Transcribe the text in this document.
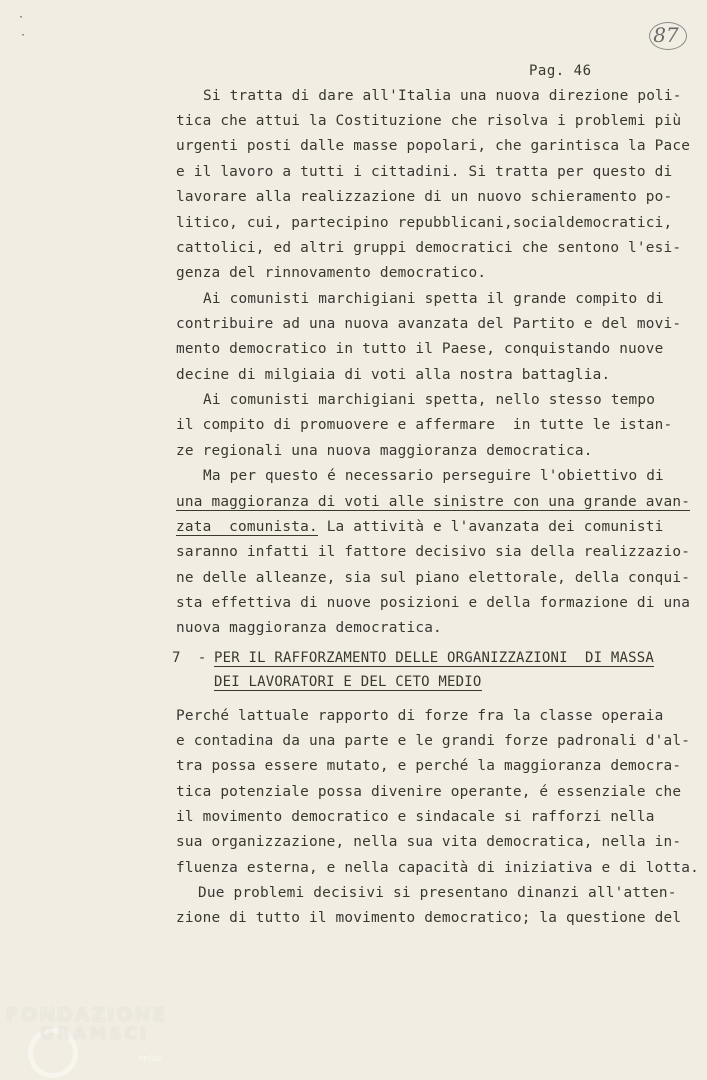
87
·
·
Pag. 46
Si tratta di dare all'Italia una nuova direzione poli-
tica che attui la Costituzione che risolva i problemi più
urgenti posti dalle masse popolari, che garintisca la Pace
e il lavoro a tutti i cittadini. Si tratta per questo di
lavorare alla realizzazione di un nuovo schieramento po-
litico, cui, partecipino repubblicani,socialdemocratici,
cattolici, ed altri gruppi democratici che sentono l'esi-
genza del rinnovamento democratico.
Ai comunisti marchigiani spetta il grande compito di
contribuire ad una nuova avanzata del Partito e del movi-
mento democratico in tutto il Paese, conquistando nuove
decine di milgiaia di voti alla nostra battaglia.
Ai comunisti marchigiani spetta, nello stesso tempo
il compito di promuovere e affermare  in tutte le istan-
ze regionali una nuova maggioranza democratica.
Ma per questo é necessario perseguire l'obiettivo di
una maggioranza di voti alle sinistre con una grande avan-
zata  comunista. La attività e l'avanzata dei comunisti
saranno infatti il fattore decisivo sia della realizzazio-
ne delle alleanze, sia sul piano elettorale, della conqui-
sta effettiva di nuove posizioni e della formazione di una
nuova maggioranza democratica.
7  -
PER IL RAFFORZAMENTO DELLE ORGANIZZAZIONI  DI MASSA
DEI LAVORATORI E DEL CETO MEDIO
Perché lattuale rapporto di forze fra la classe operaia
e contadina da una parte e le grandi forze padronali d'al-
tra possa essere mutato, e perché la maggioranza democra-
tica potenziale possa divenire operante, é essenziale che
il movimento democratico e sindacale si rafforzi nella
sua organizzazione, nella sua vita democratica, nella in-
fluenza esterna, e nella capacità di iniziativa e di lotta.
Due problemi decisivi si presentano dinanzi all'atten-
zione di tutto il movimento democratico; la questione del
FONDAZIONE
GRAMSCI
onlus
